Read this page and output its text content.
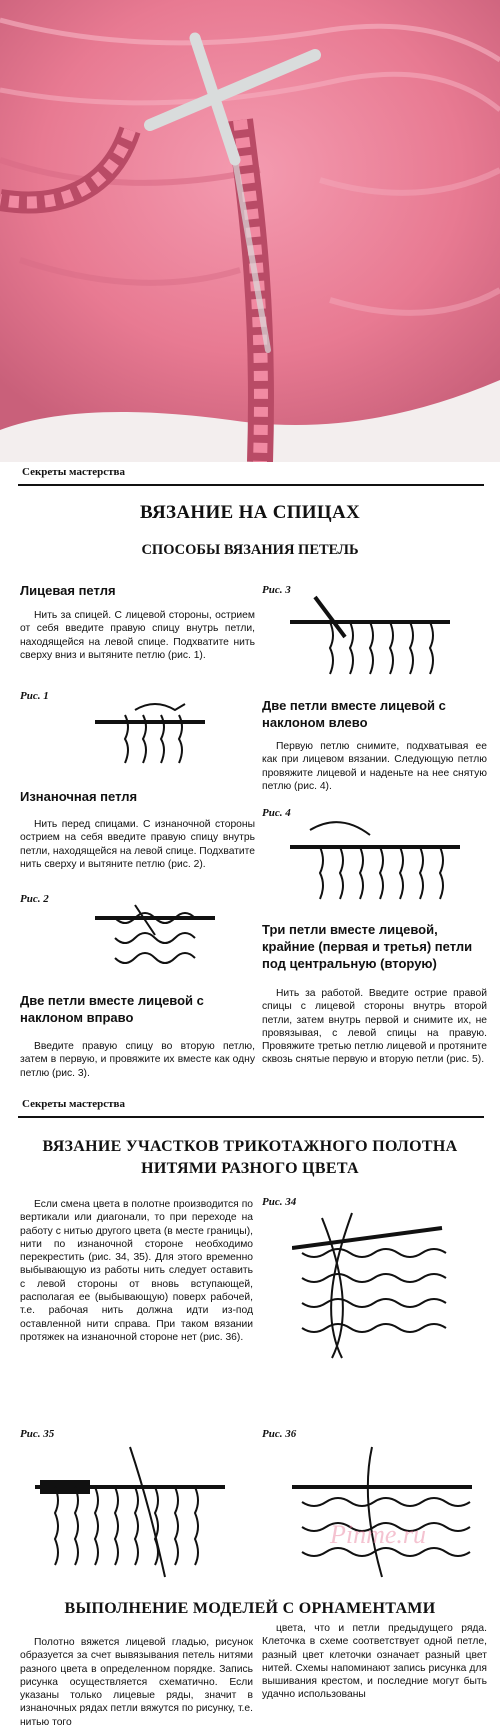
Секреты мастерства
ВЯЗАНИЕ НА СПИЦАХ
СПОСОБЫ ВЯЗАНИЯ ПЕТЕЛЬ
Лицевая петля
Нить за спицей. С лицевой стороны, острием от себя введите правую спицу внутрь петли, находящейся на левой спице. Подхватите нить сверху вниз и вытяните петлю (рис. 1).
Рис. 1
Изнаночная петля
Нить перед спицами. С изнаночной стороны острием на себя введите правую спицу внутрь петли, находящейся на левой спице. Подхватите нить сверху и вытяните петлю (рис. 2).
Рис. 2
Две петли вместе лицевой с наклоном вправо
Введите правую спицу во вторую петлю, затем в первую, и провяжите их вместе как одну петлю (рис. 3).
Рис. 3
Две петли вместе лицевой с наклоном влево
Первую петлю снимите, подхватывая ее как при лицевом вязании. Следующую петлю провяжите лицевой и наденьте на нее снятую петлю (рис. 4).
Рис. 4
Три петли вместе лицевой, крайние (первая и третья) петли под центральную (вторую)
Нить за работой. Введите острие правой спицы с лицевой стороны внутрь второй петли, затем внутрь первой и снимите их, не провязывая, с левой спицы на правую. Провяжите третью петлю лицевой и протяните сквозь снятые первую и вторую петли (рис. 5).
Секреты мастерства
ВЯЗАНИЕ УЧАСТКОВ ТРИКОТАЖНОГО ПОЛОТНА
НИТЯМИ РАЗНОГО ЦВЕТА
Если смена цвета в полотне производится по вертикали или диагонали, то при переходе на работу с нитью другого цвета (в месте границы), нити по изнаночной стороне необходимо перекрестить (рис. 34, 35). Для этого временно выбывающую из работы нить следует оставить с левой стороны от вновь вступающей, располагая ее (выбывающую) поверх рабочей, т.е. рабочая нить должна идти из-под оставленной нити справа. При таком вязании протяжек на изнаночной стороне нет (рис. 36).
Рис. 34
Рис. 35	Рис. 36
ВЫПОЛНЕНИЕ МОДЕЛЕЙ С ОРНАМЕНТАМИ
Полотно вяжется лицевой гладью, рисунок образуется за счет вывязывания петель нитями разного цвета в определенном порядке. Запись рисунка осуществляется схематично. Если указаны только лицевые ряды, значит в изнаночных рядах петли вяжутся по рисунку, т.е. нитью того
цвета, что и петли предыдущего ряда. Клеточка в схеме соответствует одной петле, разный цвет клеточки означает разный цвет нитей. Схемы напоминают запись рисунка для вышивания крестом, и последние могут быть удачно использованы
Pinme.ru
